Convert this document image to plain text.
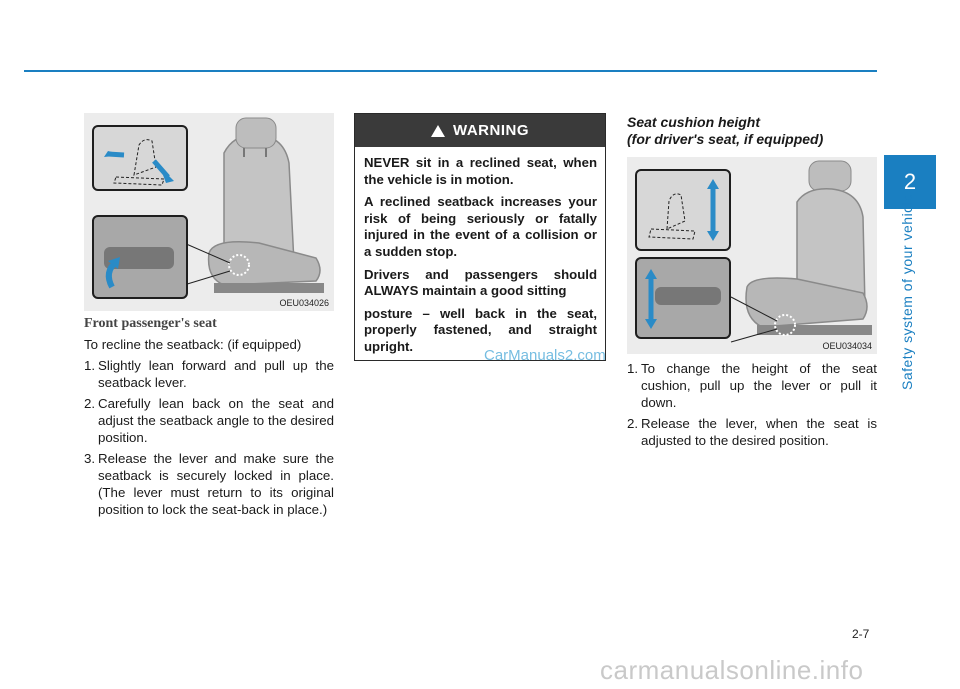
2
Safety system of your vehicle
OEU034026
Front passenger's seat
To recline the seatback: (if equipped)
1. Slightly lean forward and pull up the seatback lever.
2. Carefully lean back on the seat and adjust the seatback angle to the desired position.
3. Release the lever and make sure the seatback is securely locked in place. (The lever must return to its original position to lock the seat-back in place.)
WARNING

NEVER sit in a reclined seat, when the vehicle is in motion.

A reclined seatback increases your risk of being seriously or fatally injured in the event of a collision or a sudden stop.

Drivers and passengers should ALWAYS maintain a good sitting

posture – well back in the seat, properly fastened, and straight upright.

CarManuals2.com
Seat cushion height
(for driver's seat, if equipped)
OEU034034
1. To change the height of the seat cushion, pull up the lever or pull it down.
2. Release the lever, when the seat is adjusted to the desired position.
2-7
carmanualsonline.info
